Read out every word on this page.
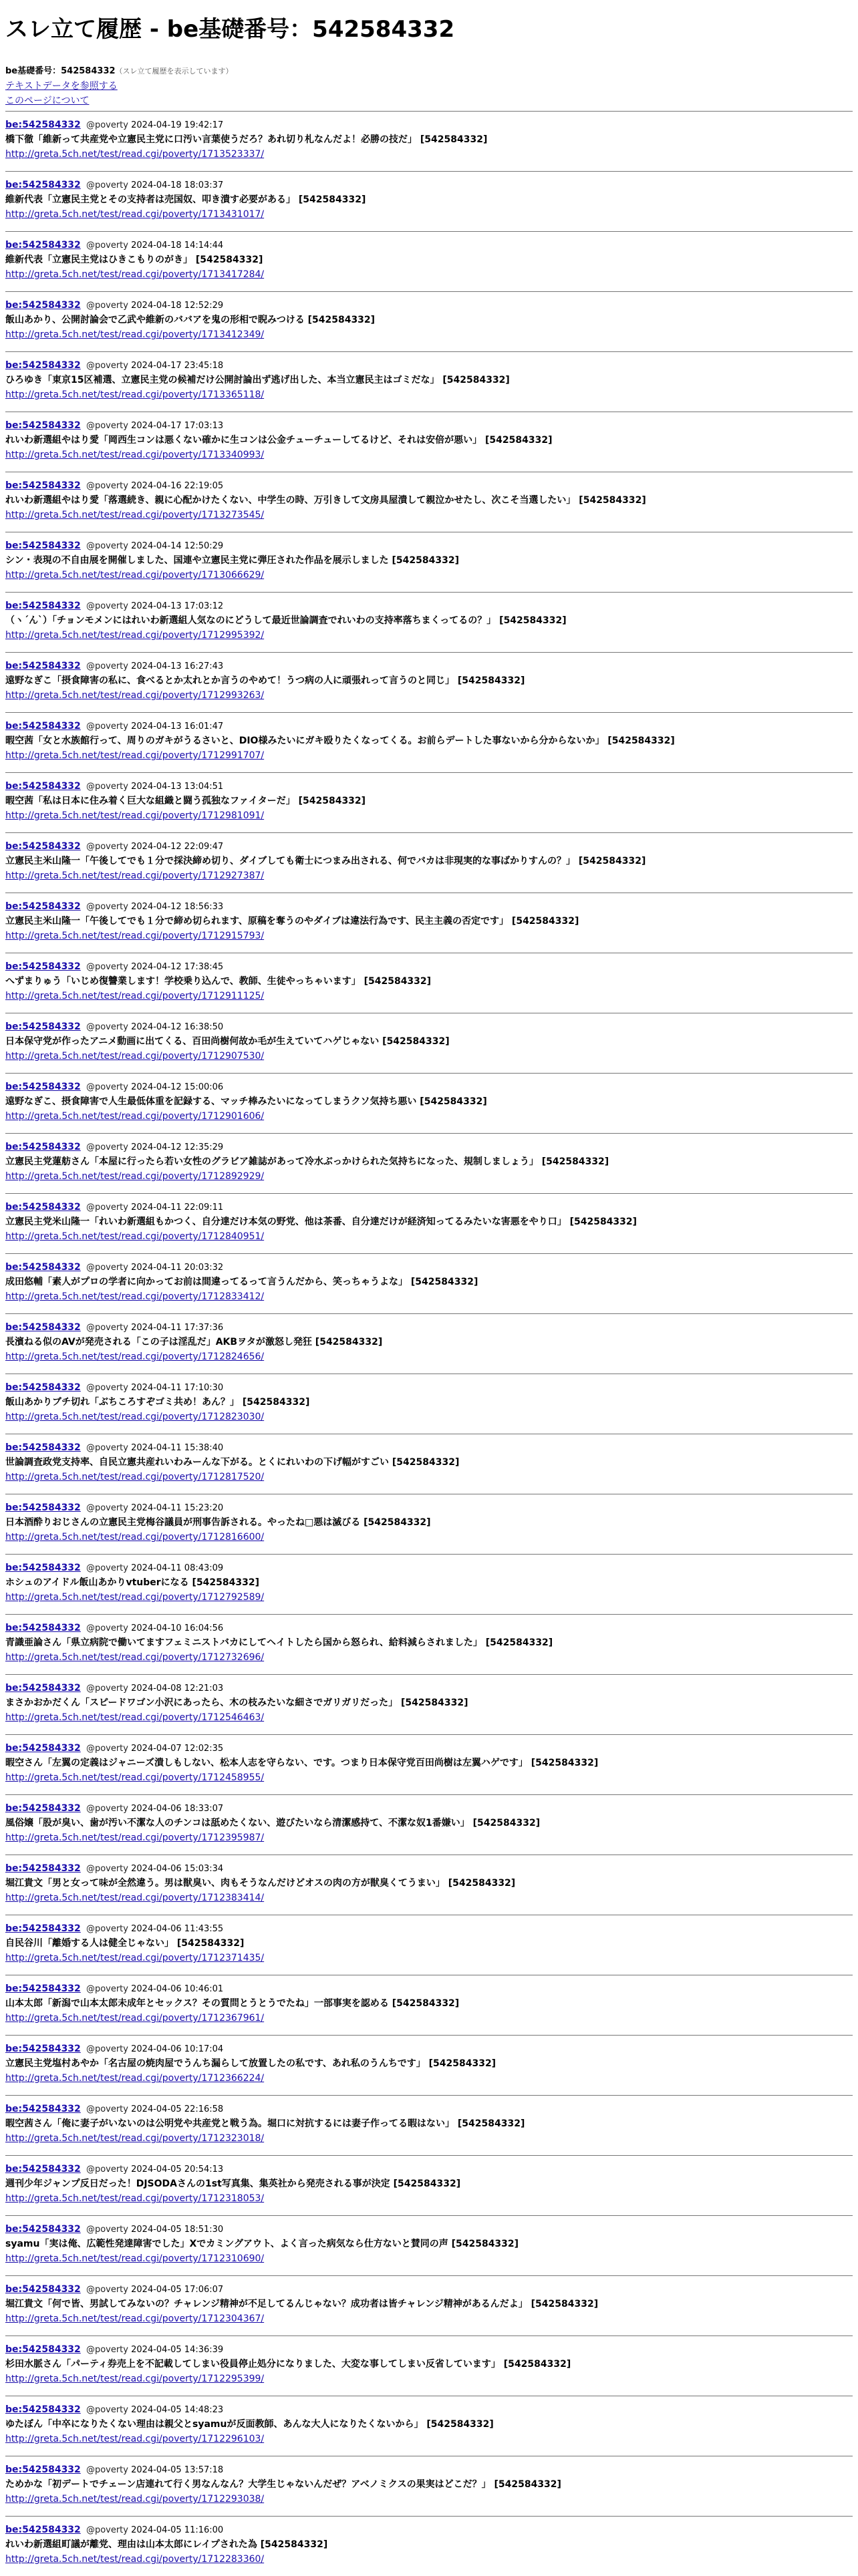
スレ立て履歴 - be基礎番号：542584332
be基礎番号：542584332（スレ立て履歴を表示しています）
テキストデータを参照する
このページについて
be:542584332 @poverty 2024-04-19 19:42:17
橋下徹「維新って共産党や立憲民主党に口汚い言葉使うだろ？あれ切り札なんだよ！必勝の技だ」 [542584332]
http://greta.5ch.net/test/read.cgi/poverty/1713523337/
be:542584332 @poverty 2024-04-18 18:03:37
維新代表「立憲民主党とその支持者は売国奴、叩き潰す必要がある」 [542584332]
http://greta.5ch.net/test/read.cgi/poverty/1713431017/
be:542584332 @poverty 2024-04-18 14:14:44
維新代表「立憲民主党はひきこもりのがき」 [542584332]
http://greta.5ch.net/test/read.cgi/poverty/1713417284/
be:542584332 @poverty 2024-04-18 12:52:29
飯山あかり、公開討論会で乙武や維新のババアを鬼の形相で睨みつける [542584332]
http://greta.5ch.net/test/read.cgi/poverty/1713412349/
be:542584332 @poverty 2024-04-17 23:45:18
ひろゆき「東京15区補選、立憲民主党の候補だけ公開討論出ず逃げ出した、本当立憲民主はゴミだな」 [542584332]
http://greta.5ch.net/test/read.cgi/poverty/1713365118/
be:542584332 @poverty 2024-04-17 17:03:13
れいわ新選組やはり愛「岡西生コンは悪くない確かに生コンは公金チューチューしてるけど、それは安倍が悪い」 [542584332]
http://greta.5ch.net/test/read.cgi/poverty/1713340993/
be:542584332 @poverty 2024-04-16 22:19:05
れいわ新選組やはり愛「落選続き、親に心配かけたくない、中学生の時、万引きして文房具屋潰して親泣かせたし、次こそ当選したい」 [542584332]
http://greta.5ch.net/test/read.cgi/poverty/1713273545/
be:542584332 @poverty 2024-04-14 12:50:29
シン・表現の不自由展を開催しました、国連や立憲民主党に弾圧された作品を展示しました [542584332]
http://greta.5ch.net/test/read.cgi/poverty/1713066629/
be:542584332 @poverty 2024-04-13 17:03:12
（ヽ´ん`）「チョンモメンにはれいわ新選組人気なのにどうして最近世論調査でれいわの支持率落ちまくってるの？」 [542584332]
http://greta.5ch.net/test/read.cgi/poverty/1712995392/
be:542584332 @poverty 2024-04-13 16:27:43
遠野なぎこ「摂食障害の私に、食べるとか太れとか言うのやめて！うつ病の人に頑張れって言うのと同じ」 [542584332]
http://greta.5ch.net/test/read.cgi/poverty/1712993263/
be:542584332 @poverty 2024-04-13 16:01:47
暇空茜「女と水族館行って、周りのガキがうるさいと、DIO様みたいにガキ殴りたくなってくる。お前らデートした事ないから分からないか」 [542584332]
http://greta.5ch.net/test/read.cgi/poverty/1712991707/
be:542584332 @poverty 2024-04-13 13:04:51
暇空茜「私は日本に住み着く巨大な組織と闘う孤独なファイターだ」 [542584332]
http://greta.5ch.net/test/read.cgi/poverty/1712981091/
be:542584332 @poverty 2024-04-12 22:09:47
立憲民主米山隆一「午後してでも１分で採決締め切り、ダイブしても衛士につまみ出される、何でバカは非現実的な事ばかりすんの？」 [542584332]
http://greta.5ch.net/test/read.cgi/poverty/1712927387/
be:542584332 @poverty 2024-04-12 18:56:33
立憲民主米山隆一「午後してでも１分で締め切られます、原稿を奪うのやダイブは違法行為です、民主主義の否定です」 [542584332]
http://greta.5ch.net/test/read.cgi/poverty/1712915793/
be:542584332 @poverty 2024-04-12 17:38:45
へずまりゅう「いじめ復讐業します！学校乗り込んで、教師、生徒やっちゃいます」 [542584332]
http://greta.5ch.net/test/read.cgi/poverty/1712911125/
be:542584332 @poverty 2024-04-12 16:38:50
日本保守党が作ったアニメ動画に出てくる、百田尚樹何故か毛が生えていてハゲじゃない [542584332]
http://greta.5ch.net/test/read.cgi/poverty/1712907530/
be:542584332 @poverty 2024-04-12 15:00:06
遠野なぎこ、摂食障害で人生最低体重を記録する、マッチ棒みたいになってしまうクソ気持ち悪い [542584332]
http://greta.5ch.net/test/read.cgi/poverty/1712901606/
be:542584332 @poverty 2024-04-12 12:35:29
立憲民主党蓮舫さん「本屋に行ったら若い女性のグラビア雑誌があって冷水ぶっかけられた気持ちになった、規制しましょう」 [542584332]
http://greta.5ch.net/test/read.cgi/poverty/1712892929/
be:542584332 @poverty 2024-04-11 22:09:11
立憲民主党米山隆一「れいわ新選組もかつく、自分達だけ本気の野党、他は茶番、自分達だけが経済知ってるみたいな害悪をやり口」 [542584332]
http://greta.5ch.net/test/read.cgi/poverty/1712840951/
be:542584332 @poverty 2024-04-11 20:03:32
成田悠輔「素人がプロの学者に向かってお前は間違ってるって言うんだから、笑っちゃうよな」 [542584332]
http://greta.5ch.net/test/read.cgi/poverty/1712833412/
be:542584332 @poverty 2024-04-11 17:37:36
長濱ねる似のAVが発売される「この子は淫乱だ」AKBヲタが激怒し発狂 [542584332]
http://greta.5ch.net/test/read.cgi/poverty/1712824656/
be:542584332 @poverty 2024-04-11 17:10:30
飯山あかりブチ切れ「ぶちころすぞゴミ共め！あん？」 [542584332]
http://greta.5ch.net/test/read.cgi/poverty/1712823030/
be:542584332 @poverty 2024-04-11 15:38:40
世論調査政党支持率、自民立憲共産れいわみーんな下がる。とくにれいわの下げ幅がすごい [542584332]
http://greta.5ch.net/test/read.cgi/poverty/1712817520/
be:542584332 @poverty 2024-04-11 15:23:20
日本酒酔りおじさんの立憲民主党梅谷議員が刑事告訴される。やったね□悪は滅びる [542584332]
http://greta.5ch.net/test/read.cgi/poverty/1712816600/
be:542584332 @poverty 2024-04-11 08:43:09
ホシュのアイドル飯山あかりvtuberになる [542584332]
http://greta.5ch.net/test/read.cgi/poverty/1712792589/
be:542584332 @poverty 2024-04-10 16:04:56
青識亜論さん「県立病院で働いてますフェミニストバカにしてヘイトしたら国から怒られ、給料減らされました」 [542584332]
http://greta.5ch.net/test/read.cgi/poverty/1712732696/
be:542584332 @poverty 2024-04-08 12:21:03
まさかおかだくん「スピードワゴン小沢にあったら、木の枝みたいな細さでガリガリだった」 [542584332]
http://greta.5ch.net/test/read.cgi/poverty/1712546463/
be:542584332 @poverty 2024-04-07 12:02:35
暇空さん「左翼の定義はジャニーズ潰しもしない、松本人志を守らない、です。つまり日本保守党百田尚樹は左翼ハゲです」 [542584332]
http://greta.5ch.net/test/read.cgi/poverty/1712458955/
be:542584332 @poverty 2024-04-06 18:33:07
風俗嬢「股が臭い、歯が汚い不潔な人のチンコは舐めたくない、遊びたいなら清潔感持て、不潔な奴1番嫌い」 [542584332]
http://greta.5ch.net/test/read.cgi/poverty/1712395987/
be:542584332 @poverty 2024-04-06 15:03:34
堀江貴文「男と女って味が全然違う。男は獣臭い、肉もそうなんだけどオスの肉の方が獣臭くてうまい」 [542584332]
http://greta.5ch.net/test/read.cgi/poverty/1712383414/
be:542584332 @poverty 2024-04-06 11:43:55
自民谷川「離婚する人は健全じゃない」 [542584332]
http://greta.5ch.net/test/read.cgi/poverty/1712371435/
be:542584332 @poverty 2024-04-06 10:46:01
山本太郎「新潟で山本太郎未成年とセックス？その質問とうとうでたね」一部事実を認める [542584332]
http://greta.5ch.net/test/read.cgi/poverty/1712367961/
be:542584332 @poverty 2024-04-06 10:17:04
立憲民主党塩村あやか「名古屋の焼肉屋でうんち漏らして放置したの私です、あれ私のうんちです」 [542584332]
http://greta.5ch.net/test/read.cgi/poverty/1712366224/
be:542584332 @poverty 2024-04-05 22:16:58
暇空茜さん「俺に妻子がいないのは公明党や共産党と戦う為。堀口に対抗するには妻子作ってる暇はない」 [542584332]
http://greta.5ch.net/test/read.cgi/poverty/1712323018/
be:542584332 @poverty 2024-04-05 20:54:13
週刊少年ジャンプ反日だった！DJSODAさんの1st写真集、集英社から発売される事が決定 [542584332]
http://greta.5ch.net/test/read.cgi/poverty/1712318053/
be:542584332 @poverty 2024-04-05 18:51:30
syamu「実は俺、広範性発達障害でした」Xでカミングアウト、よく言った病気なら仕方ないと賛同の声 [542584332]
http://greta.5ch.net/test/read.cgi/poverty/1712310690/
be:542584332 @poverty 2024-04-05 17:06:07
堀江貴文「何で皆、男試してみないの？チャレンジ精神が不足してるんじゃない？成功者は皆チャレンジ精神があるんだよ」 [542584332]
http://greta.5ch.net/test/read.cgi/poverty/1712304367/
be:542584332 @poverty 2024-04-05 14:36:39
杉田水脈さん「パーティ券売上を不記載してしまい役員停止処分になりました、大変な事してしまい反省しています」 [542584332]
http://greta.5ch.net/test/read.cgi/poverty/1712295399/
be:542584332 @poverty 2024-04-05 14:48:23
ゆたぼん「中卒になりたくない理由は親父とsyamuが反面教師、あんな大人になりたくないから」 [542584332]
http://greta.5ch.net/test/read.cgi/poverty/1712296103/
be:542584332 @poverty 2024-04-05 13:57:18
ためかな「初デートでチェーン店連れて行く男なんなん？大学生じゃないんだぜ？アベノミクスの果実はどこだ？」 [542584332]
http://greta.5ch.net/test/read.cgi/poverty/1712293038/
be:542584332 @poverty 2024-04-05 11:16:00
れいわ新選組町議が離党、理由は山本太郎にレイプされた為 [542584332]
http://greta.5ch.net/test/read.cgi/poverty/1712283360/
